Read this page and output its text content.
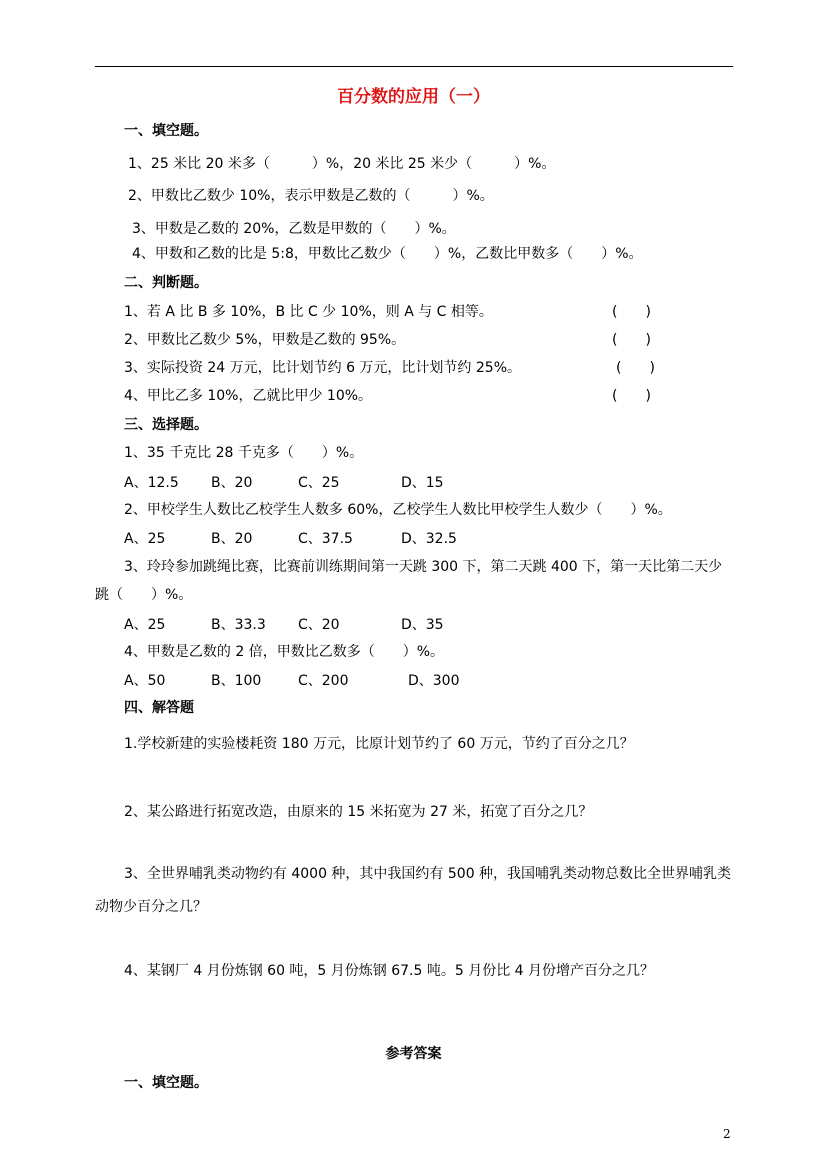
百分数的应用（一）
一、填空题。
1、25 米比 20 米多（　　　）%，20 米比 25 米少（　　　）%。
2、甲数比乙数少 10%，表示甲数是乙数的（　　　）%。
3、甲数是乙数的 20%，乙数是甲数的（　　）%。
4、甲数和乙数的比是 5:8，甲数比乙数少（　　）%，乙数比甲数多（　　）%。
二、判断题。
1、若 A 比 B 多 10%，B 比 C 少 10%，则 A 与 C 相等。	(　　)
2、甲数比乙数少 5%，甲数是乙数的 95%。	(　　)
3、实际投资 24 万元，比计划节约 6 万元，比计划节约 25%。	(　　)
4、甲比乙多 10%，乙就比甲少 10%。	(　　)
三、选择题。
1、35 千克比 28 千克多（　　）%。
A、12.5 B、20	C、25	D、15
2、甲校学生人数比乙校学生人数多 60%，乙校学生人数比甲校学生人数少（　　）%。
A、25	B、20	C、37.5	D、32.5
3、玲玲参加跳绳比赛，比赛前训练期间第一天跳 300 下，第二天跳 400 下，第一天比第二天少
跳（　　）%。
A、25	B、33.3 C、20	D、35
4、甲数是乙数的 2 倍，甲数比乙数多（　　）%。
A、50	B、100	C、200	D、300
四、解答题
1.学校新建的实验楼耗资 180 万元，比原计划节约了 60 万元，节约了百分之几？
2、某公路进行拓宽改造，由原来的 15 米拓宽为 27 米，拓宽了百分之几？
3、全世界哺乳类动物约有 4000 种，其中我国约有 500 种，我国哺乳类动物总数比全世界哺乳类
动物少百分之几？
4、某钢厂 4 月份炼钢 60 吨，5 月份炼钢 67.5 吨。5 月份比 4 月份增产百分之几？
参考答案
一、填空题。
2
